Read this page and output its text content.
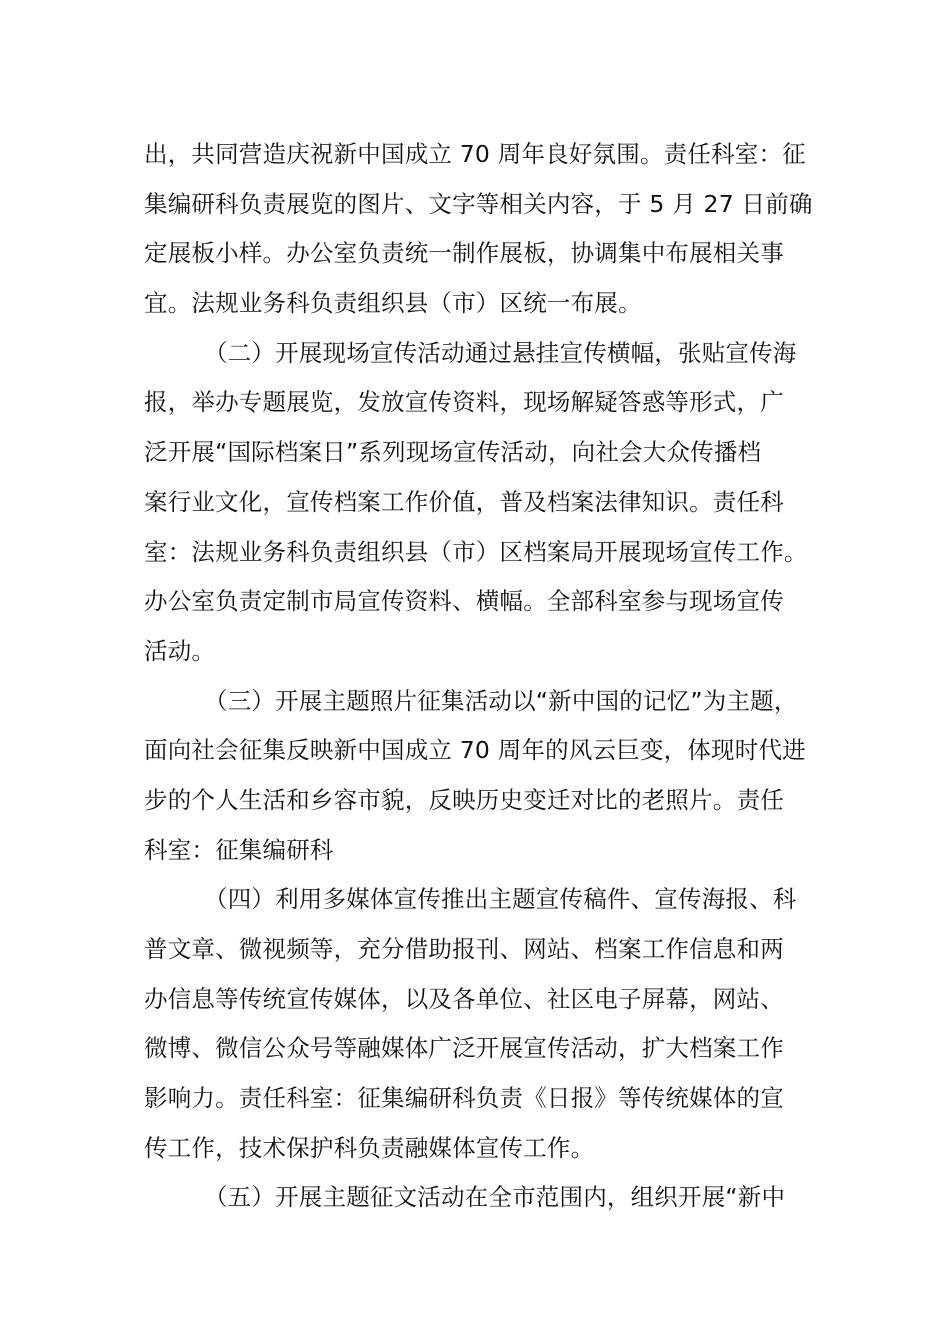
出，共同营造庆祝新中国成立 70 周年良好氛围。责任科室：征
集编研科负责展览的图片、文字等相关内容，于 5 月 27 日前确
定展板小样。办公室负责统一制作展板，协调集中布展相关事
宜。法规业务科负责组织县（市）区统一布展。
（二）开展现场宣传活动通过悬挂宣传横幅，张贴宣传海
报，举办专题展览，发放宣传资料，现场解疑答惑等形式，广
泛开展“国际档案日”系列现场宣传活动，向社会大众传播档
案行业文化，宣传档案工作价值，普及档案法律知识。责任科
室：法规业务科负责组织县（市）区档案局开展现场宣传工作。
办公室负责定制市局宣传资料、横幅。全部科室参与现场宣传
活动。
（三）开展主题照片征集活动以“新中国的记忆”为主题，
面向社会征集反映新中国成立 70 周年的风云巨变，体现时代进
步的个人生活和乡容市貌，反映历史变迁对比的老照片。责任
科室：征集编研科
（四）利用多媒体宣传推出主题宣传稿件、宣传海报、科
普文章、微视频等，充分借助报刊、网站、档案工作信息和两
办信息等传统宣传媒体，以及各单位、社区电子屏幕，网站、
微博、微信公众号等融媒体广泛开展宣传活动，扩大档案工作
影响力。责任科室：征集编研科负责《日报》等传统媒体的宣
传工作，技术保护科负责融媒体宣传工作。
（五）开展主题征文活动在全市范围内，组织开展“新中
